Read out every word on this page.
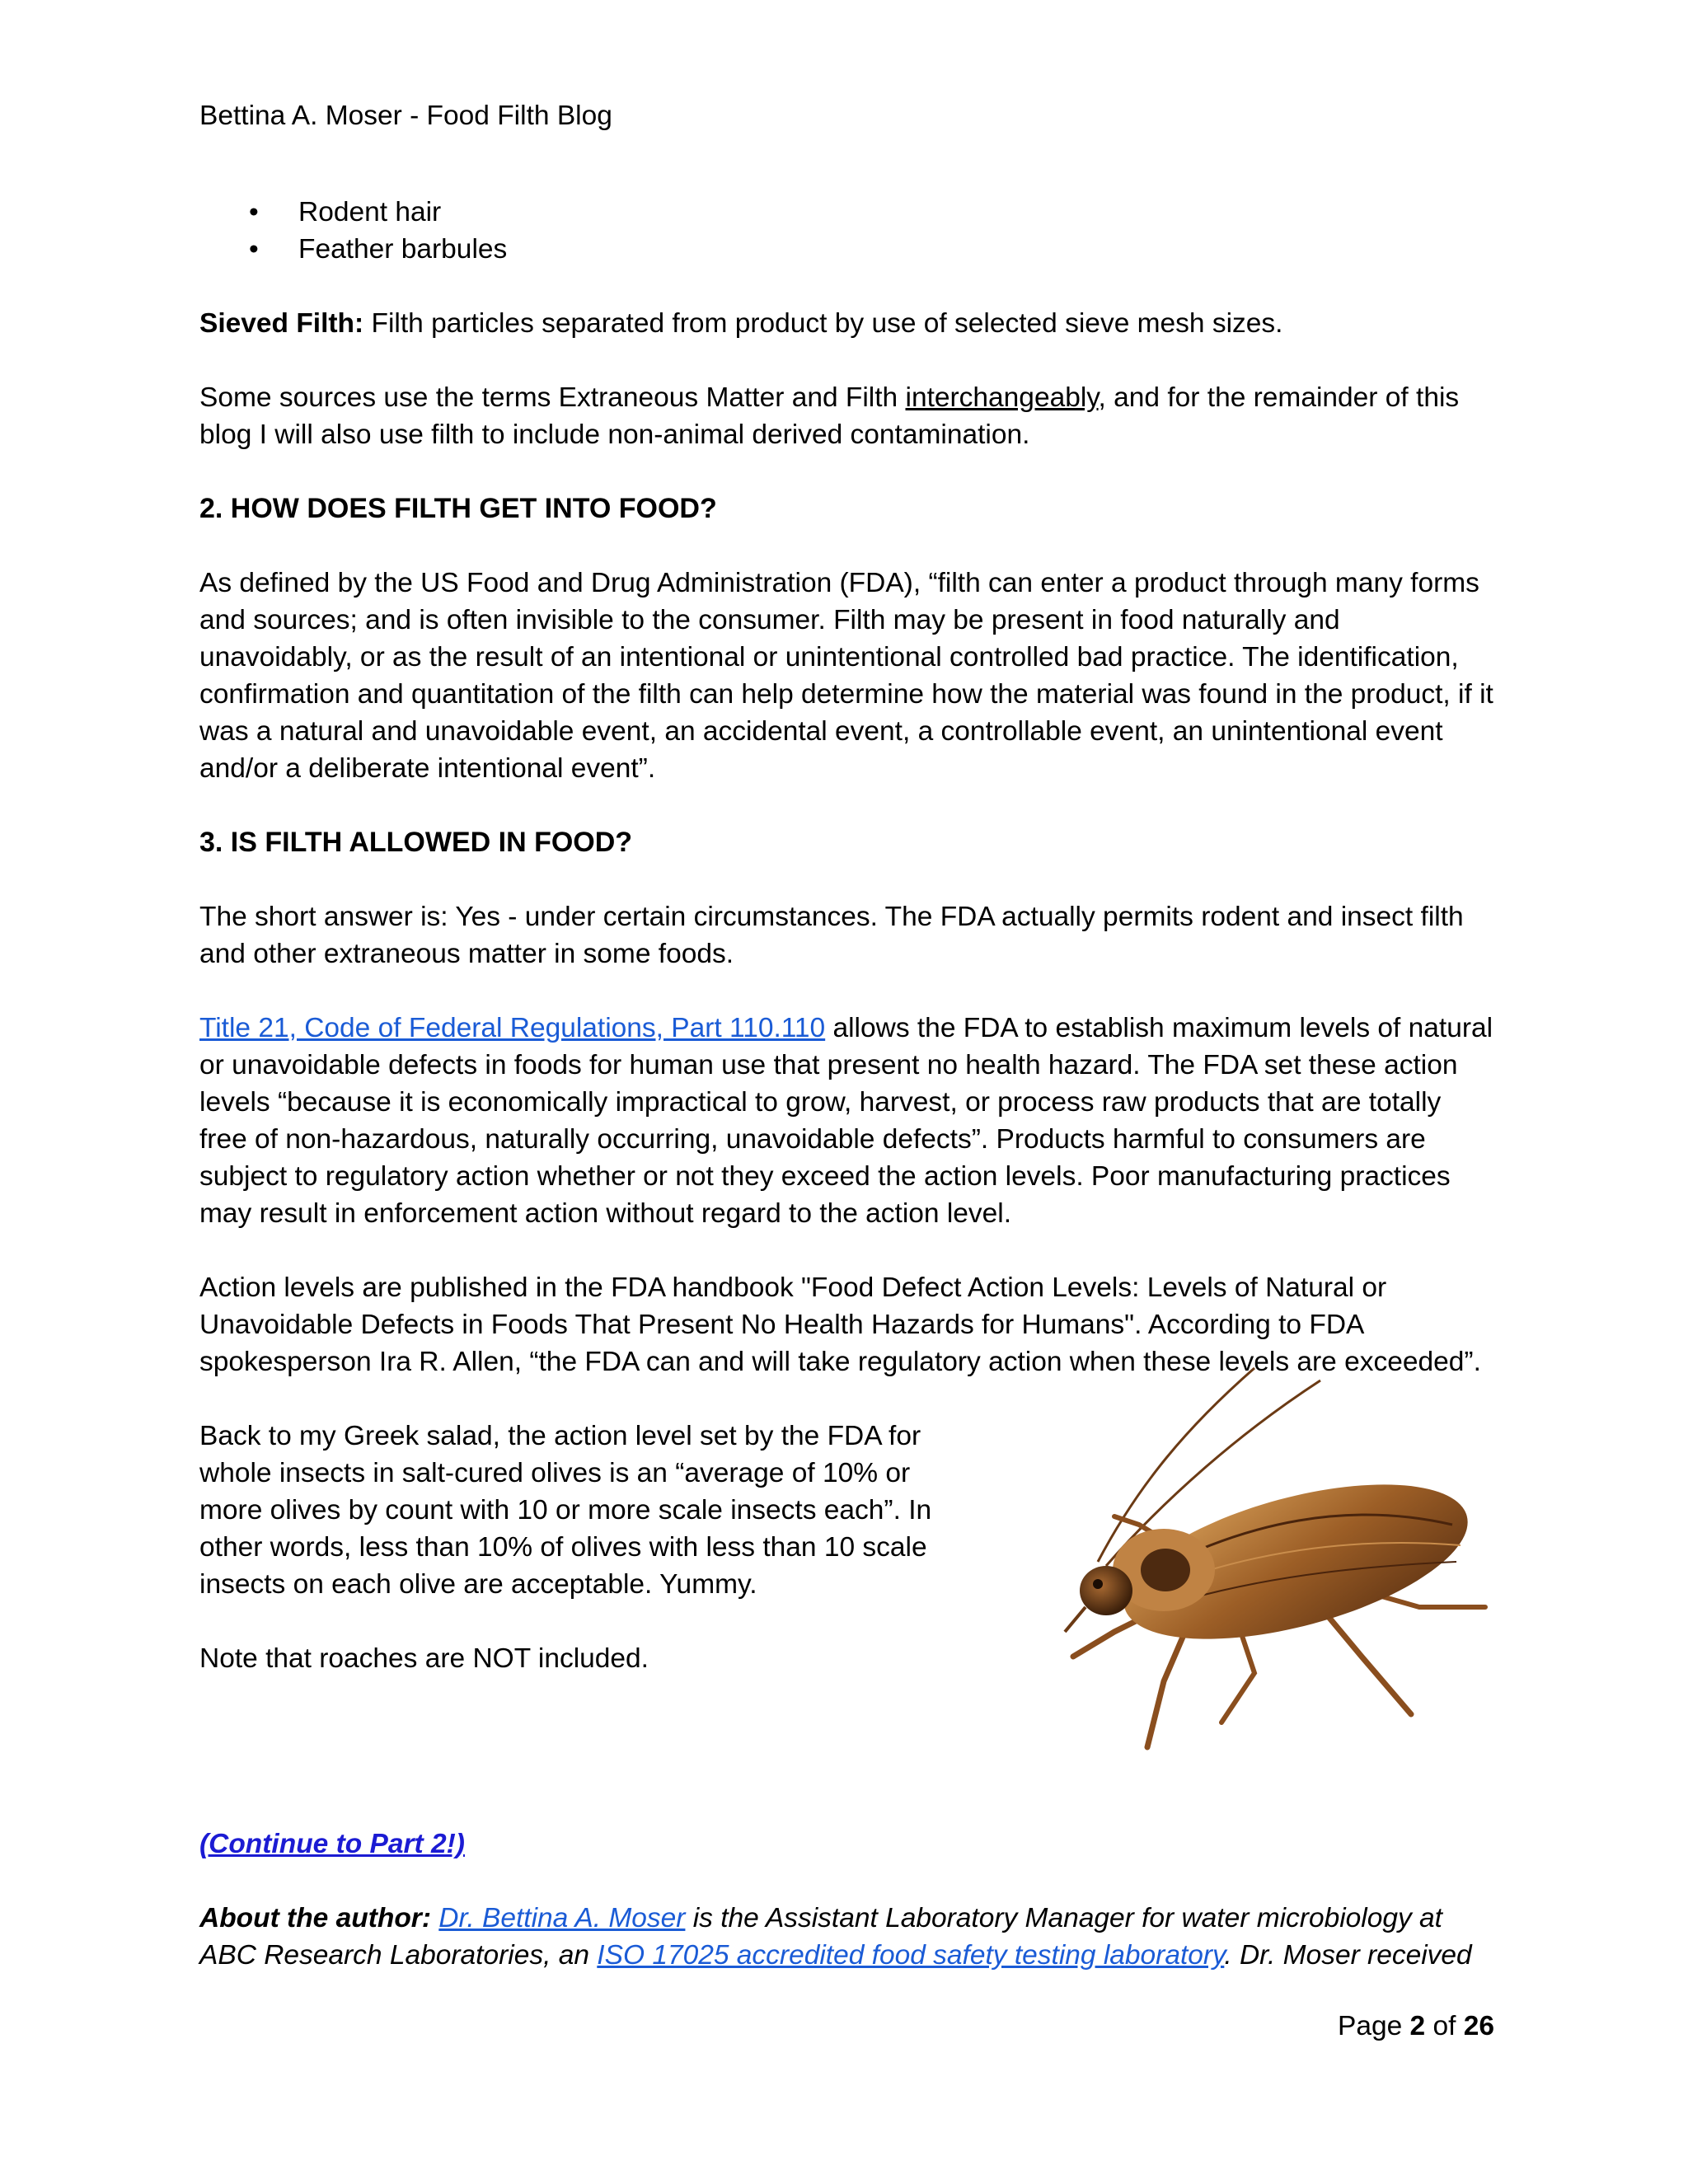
Bettina A. Moser - Food Filth Blog

• Rodent hair
• Feather barbules

Sieved Filth: Filth particles separated from product by use of selected sieve mesh sizes.

Some sources use the terms Extraneous Matter and Filth interchangeably, and for the remainder of this blog I will also use filth to include non-animal derived contamination.

2. HOW DOES FILTH GET INTO FOOD?

As defined by the US Food and Drug Administration (FDA), “filth can enter a product through many forms and sources; and is often invisible to the consumer. Filth may be present in food naturally and unavoidably, or as the result of an intentional or unintentional controlled bad practice. The identification, confirmation and quantitation of the filth can help determine how the material was found in the product, if it was a natural and unavoidable event, an accidental event, a controllable event, an unintentional event and/or a deliberate intentional event”.

3. IS FILTH ALLOWED IN FOOD?

The short answer is: Yes - under certain circumstances. The FDA actually permits rodent and insect filth and other extraneous matter in some foods.

Title 21, Code of Federal Regulations, Part 110.110 allows the FDA to establish maximum levels of natural or unavoidable defects in foods for human use that present no health hazard. The FDA set these action levels “because it is economically impractical to grow, harvest, or process raw products that are totally free of non-hazardous, naturally occurring, unavoidable defects”. Products harmful to consumers are subject to regulatory action whether or not they exceed the action levels. Poor manufacturing practices may result in enforcement action without regard to the action level.

Action levels are published in the FDA handbook "Food Defect Action Levels: Levels of Natural or Unavoidable Defects in Foods That Present No Health Hazards for Humans". According to FDA spokesperson Ira R. Allen, “the FDA can and will take regulatory action when these levels are exceeded”.

Back to my Greek salad, the action level set by the FDA for whole insects in salt-cured olives is an “average of 10% or more olives by count with 10 or more scale insects each”. In other words, less than 10% of olives with less than 10 scale insects on each olive are acceptable. Yummy.

Note that roaches are NOT included.

(Continue to Part 2!)

About the author: Dr. Bettina A. Moser is the Assistant Laboratory Manager for water microbiology at ABC Research Laboratories, an ISO 17025 accredited food safety testing laboratory. Dr. Moser received

Page 2 of 26
